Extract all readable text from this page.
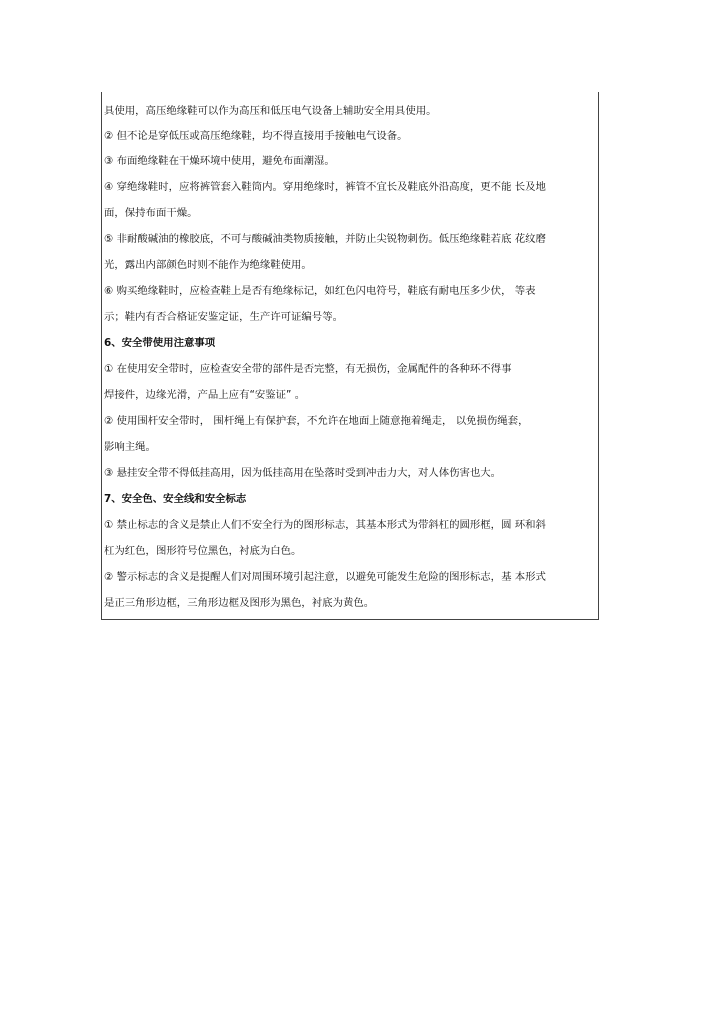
具使用，高压绝缘鞋可以作为高压和低压电气设备上辅助安全用具使用。
② 但不论是穿低压或高压绝缘鞋，均不得直接用手接触电气设备。
③ 布面绝缘鞋在干燥环境中使用，避免布面潮湿。
④ 穿绝缘鞋时，应将裤管套入鞋筒内。穿用绝缘时，裤管不宜长及鞋底外沿高度，更不能 长及地
面，保持布面干燥。
⑤ 非耐酸碱油的橡胶底，不可与酸碱油类物质接触，并防止尖锐物刺伤。低压绝缘鞋若底 花纹磨
光，露出内部颜色时则不能作为绝缘鞋使用。
⑥ 购买绝缘鞋时，应检查鞋上是否有绝缘标记，如红色闪电符号，鞋底有耐电压多少伏， 等表
示；鞋内有否合格证安鉴定证，生产许可证编号等。
6、安全带使用注意事项
① 在使用安全带时，应检查安全带的部件是否完整，有无损伤，金属配件的各种环不得事
焊接件，边缘光滑，产品上应有“安鉴证” 。
② 使用围杆安全带时， 围杆绳上有保护套，不允许在地面上随意拖着绳走， 以免损伤绳套，
影响主绳。
③ 悬挂安全带不得低挂高用，因为低挂高用在坠落时受到冲击力大，对人体伤害也大。
7、安全色、安全线和安全标志
① 禁止标志的含义是禁止人们不安全行为的图形标志，其基本形式为带斜杠的圆形框，圆 环和斜
杠为红色，图形符号位黑色，衬底为白色。
② 警示标志的含义是提醒人们对周围环境引起注意，以避免可能发生危险的图形标志，基 本形式
是正三角形边框，三角形边框及图形为黑色，衬底为黄色。
